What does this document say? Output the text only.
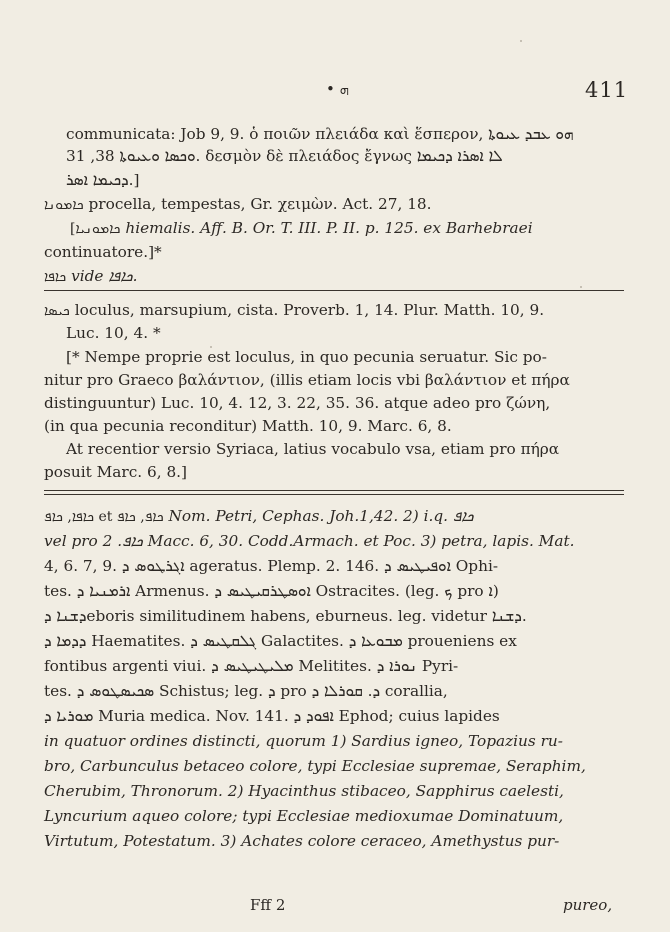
• ܗ	411
communicata: Job 9, 9. ὁ ποιῶν πλειάδα καὶ ἕσπερον, ܗܘ ܥܒܕ ܥܝܘܬܐ
ܘܟܣܐ ܘܥܝܘܬܐ 38, 31. δεσμὸν δὲ πλειάδος ἔγνως ܠܐ ܐܣܪܐ ܕܟܝܡܐ
ܕܟܝܡܐ ܐܣܪ.]
ܟܐܡܘܢܐ procella, tempestas, Gr. χειμὼν. Act. 27, 18.
[ܟܐܡܘܢܝܐ hiemalis. Aff. B. Or. T. III. P. II. p. 125. ex Barhebraei
continuatore.]*
ܟܐܦܐ vide ܟܐܦܐ.
ܟܝܣܐ loculus, marsupium, cista. Proverb. 1, 14. Plur. Matth. 10, 9.
Luc. 10, 4. *
[* Nempe proprie est loculus, in quo pecunia seruatur. Sic po-
nitur pro Graeco βαλάντιον, (illis etiam locis vbi βαλάντιον et πήρα
distinguuntur) Luc. 10, 4. 12, 3. 22, 35. 36. atque adeo pro ζώνη,
(in qua pecunia reconditur) Matth. 10, 9. Marc. 6, 8.
At recentior versio Syriaca, latius vocabulo vsa, etiam pro πήρα
posuit Marc. 6, 8.]
ܟܐܦܐ, ܟܐܦ et ܟܐܦ, ܟܐܦ Nom. Petri, Cephas. Joh.1,42. 2) i.q. ܟܐܦ
vel pro ܟܐܦ. 2 Macc. 6, 30. Codd.Armach. et Poc. 3) petra, lapis. Mat.
4, 6. 7, 9. ܐܓܪܛܘܣ ܕ ageratus. Plemp. 2. 146. ܐܘܦܝܛܝܣ ܕ Ophi-
tes. ܐܪܡܢܝܐ ܕ Armenus. ܐܘܣܛܪܩܝܛܝܣ ܕ Ostracites. (leg. ܟ pro ܐ)
ܕܫܢܐ ܕeboris similitudinem habens, eburneus. leg. videtur ܕܫܢܐ.
ܕܕܡܐ ܕ Haematites. ܓܠܩܛܝܣ ܕ Galactites. ܡܒܘܥܐ ܕ proueniens ex
fontibus argenti viui. ܡܠܝܛܝܛܝܣ ܕ Melitites. ܢܘܪܐ ܕ Pyri-
tes. ܣܟܝܣܛܘܣ ܕ Schistus; leg. ܕ pro ܕ. ܩܘܪܠܐ ܕ corallia,
ܡܘܪܝܐ ܕ Muria medica. Nov. 141. ܐܦܘܕ ܕ Ephod; cuius lapides
in quatuor ordines distincti, quorum 1) Sardius igneo, Topazius ru-
bro, Carbunculus betaceo colore, typi Ecclesiae supremae, Seraphim,
Cherubim, Thronorum. 2) Hyacinthus stibaceo, Sapphirus caelesti,
Lyncurium aqueo colore; typi Ecclesiae medioxumae Dominatuum,
Virtutum, Potestatum. 3) Achates colore ceraceo, Amethystus pur-
Fff 2	pureo,
